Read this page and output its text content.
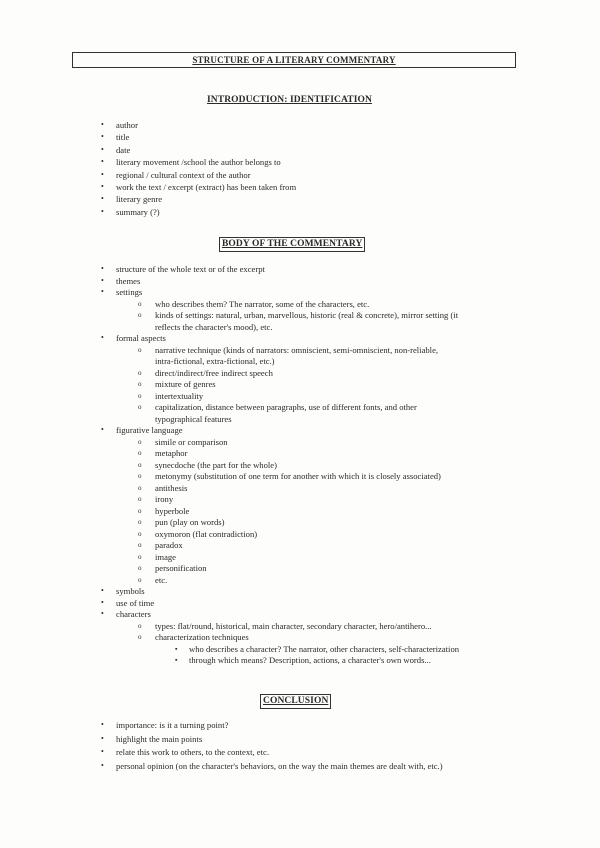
STRUCTURE OF A LITERARY COMMENTARY
INTRODUCTION: IDENTIFICATION
• author
• title
• date
• literary movement /school the author belongs to
• regional / cultural context of the author
• work the text / excerpt (extract) has been taken from
• literary genre
• summary (?)
BODY OF THE COMMENTARY
• structure of the whole text or of the excerpt
• themes
• settings
o who describes them? The narrator, some of the characters, etc.
o kinds of settings: natural, urban, marvellous, historic (real & concrete), mirror setting (it
reflects the character's mood), etc.
• formal aspects
o narrative technique (kinds of narrators: omniscient, semi-omniscient, non-reliable,
intra-fictional, extra-fictional, etc.)
o direct/indirect/free indirect speech
o mixture of genres
o intertextuality
o capitalization, distance between paragraphs, use of different fonts, and other
typographical features
• figurative language
o simile or comparison
o metaphor
o synecdoche (the part for the whole)
o metonymy (substitution of one term for another with which it is closely associated)
o antithesis
o irony
o hyperbole
o pun (play on words)
o oxymoron (flat contradiction)
o paradox
o image
o personification
o etc.
• symbols
• use of time
• characters
o types: flat/round, historical, main character, secondary character, hero/antihero...
o characterization techniques
▪ who describes a character? The narrator, other characters, self-characterization
▪ through which means? Description, actions, a character's own words...
CONCLUSION
• importance: is it a turning point?
• highlight the main points
• relate this work to others, to the context, etc.
• personal opinion (on the character's behaviors, on the way the main themes are dealt with, etc.)
